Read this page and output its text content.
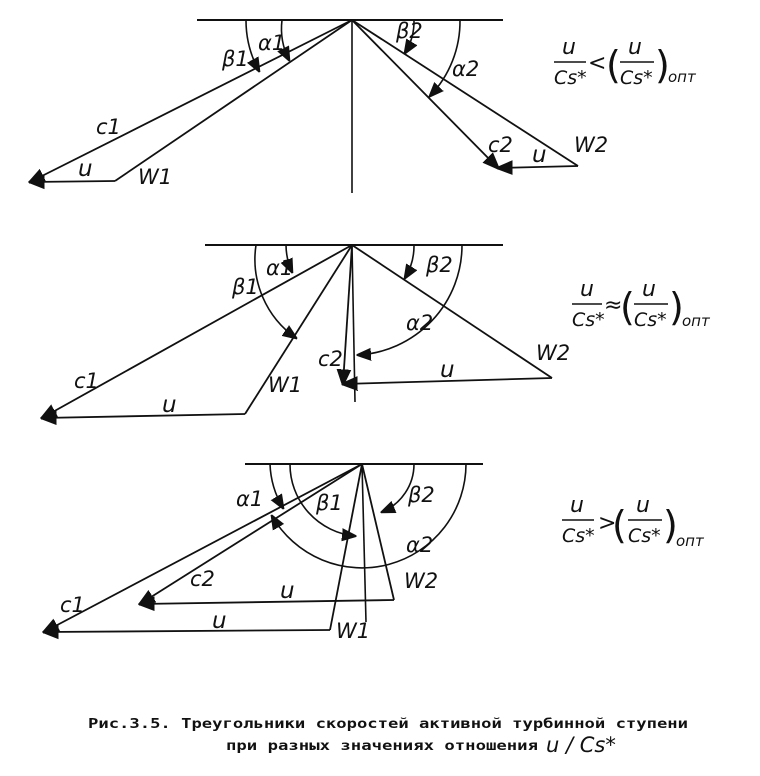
α1
β1
c1
u W1
β2
α2
c2 u W2
u
Cs*
< ( u
Cs* )
опт
α1
β1
c1
u
W1
β2
α2
c2	u
W2
u
Cs*
≈
( u
Cs* )
опт
α1	β1
c1
u	W1
β2
α2
c2	u	W2
u
Cs* >
( u
Cs* )
опт
Рис.3.5. Треугольники скоростей активной турбинной ступени
при разных значениях отношения u / Cs*
